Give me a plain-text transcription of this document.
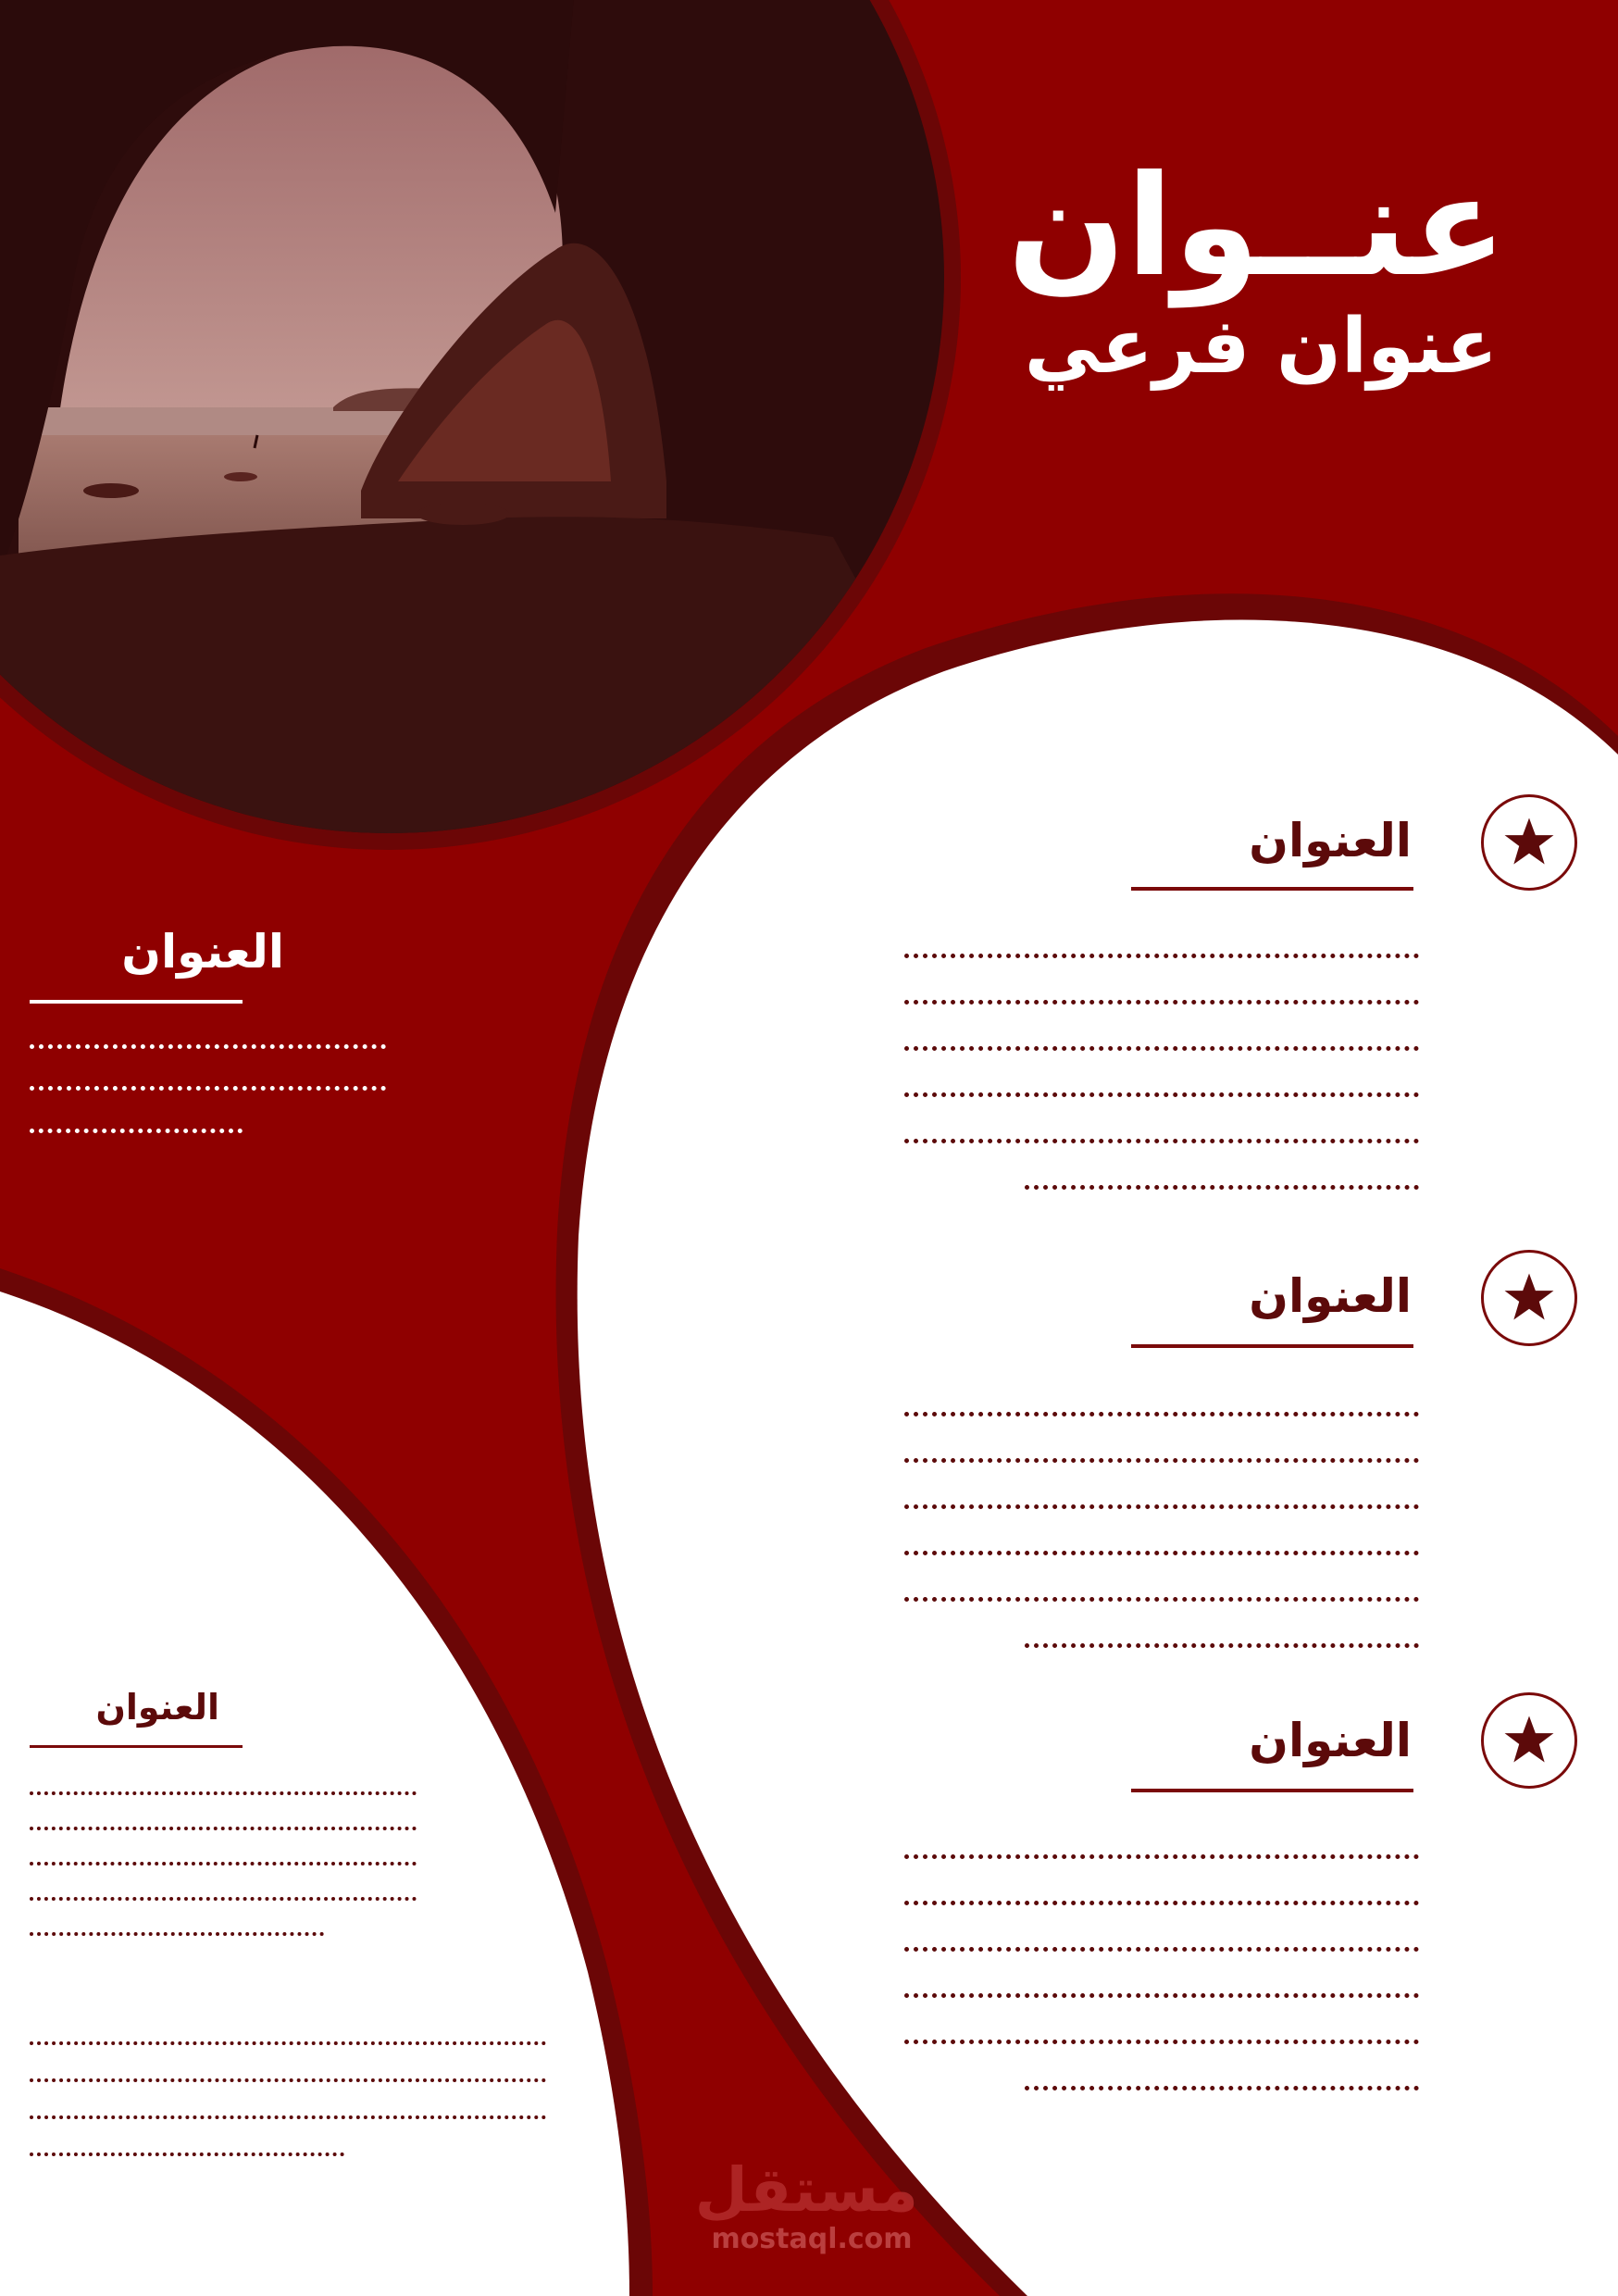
عنــوان
عنوان فرعي
العنوان
العنوان
العنوان
العنوان
العنوان
مستقل
mostaql.com
